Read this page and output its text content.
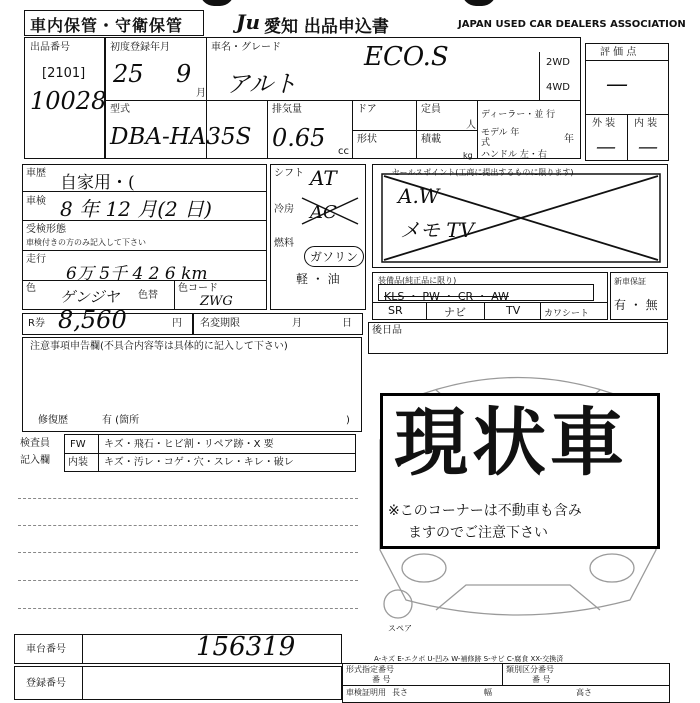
車内保管・守衛保管	Ju 愛知 出品申込書	JAPAN USED CAR DEALERS ASSOCIATION
出品番号
[2101]
10028
初度登録年月
25 9
月
車名・グレード
アルト
ECO.S	2WD
4WD
型式
DBA-HA35S
排気量
0.65 cc
ドア
形状
定員
人
積載
kg
ディーラー・並 行
モデル 年式	年
ハンドル 左・右
評 価 点
—
外 装 内 装
— —
車歴 自家用・(
車検 8 年 12 月(2 日)
受検形態
車検付きの方のみ記入して下さい
走行
6万 5千 4 2 6 km
色 ゲンジヤ 色替
色コード
ZWG
シフト AT
冷房 AC
燃料
ガソリン
軽 ・ 油
セールスポイント(工商に提出するものに限ります)
A.W
メモ TV
装備品(純正品に限り)
KLS ・ PW ・ CR ・ AW
SR	ナビ	TV	カワシート
新車保証
有 ・ 無
R券 8,560	円 名変期限	月	日
注意事項申告欄(不具合内容等は具体的に記入して下さい)
修復歴	有 (箇所	)
後日品
検査員
記入欄
FW キズ・飛石・ヒビ割・リペア跡・X 要
内装 キズ・汚レ・コゲ・穴・スレ・キレ・破レ
スペア
A-キズ E-エクボ U-凹み W-補修跡 S-サビ C-腐食 XX-交換済
現状車
※このコーナーは不動車も含み
ますのでご注意下さい
車台番号	156319
登録番号
形式指定番号
番 号
類別区分番号
番 号
車検証明用 長さ	幅	高さ
